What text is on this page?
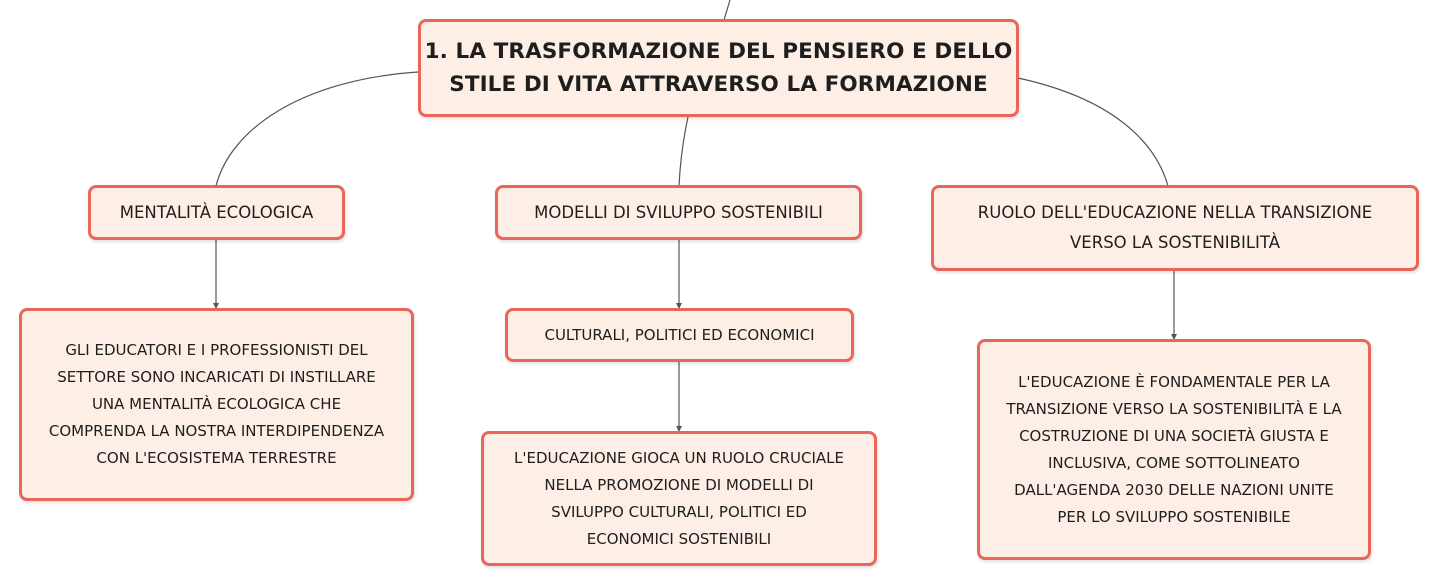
1. LA TRASFORMAZIONE DEL PENSIERO E DELLO
STILE DI VITA ATTRAVERSO LA FORMAZIONE
MENTALITÀ ECOLOGICA
GLI EDUCATORI E I PROFESSIONISTI DEL
SETTORE SONO INCARICATI DI INSTILLARE
UNA MENTALITÀ ECOLOGICA CHE
COMPRENDA LA NOSTRA INTERDIPENDENZA
CON L'ECOSISTEMA TERRESTRE
MODELLI DI SVILUPPO SOSTENIBILI
CULTURALI, POLITICI ED ECONOMICI
L'EDUCAZIONE GIOCA UN RUOLO CRUCIALE
NELLA PROMOZIONE DI MODELLI DI
SVILUPPO CULTURALI, POLITICI ED
ECONOMICI SOSTENIBILI
RUOLO DELL'EDUCAZIONE NELLA TRANSIZIONE
VERSO LA SOSTENIBILITÀ
L'EDUCAZIONE È FONDAMENTALE PER LA
TRANSIZIONE VERSO LA SOSTENIBILITÀ E LA
COSTRUZIONE DI UNA SOCIETÀ GIUSTA E
INCLUSIVA, COME SOTTOLINEATO
DALL'AGENDA 2030 DELLE NAZIONI UNITE
PER LO SVILUPPO SOSTENIBILE
